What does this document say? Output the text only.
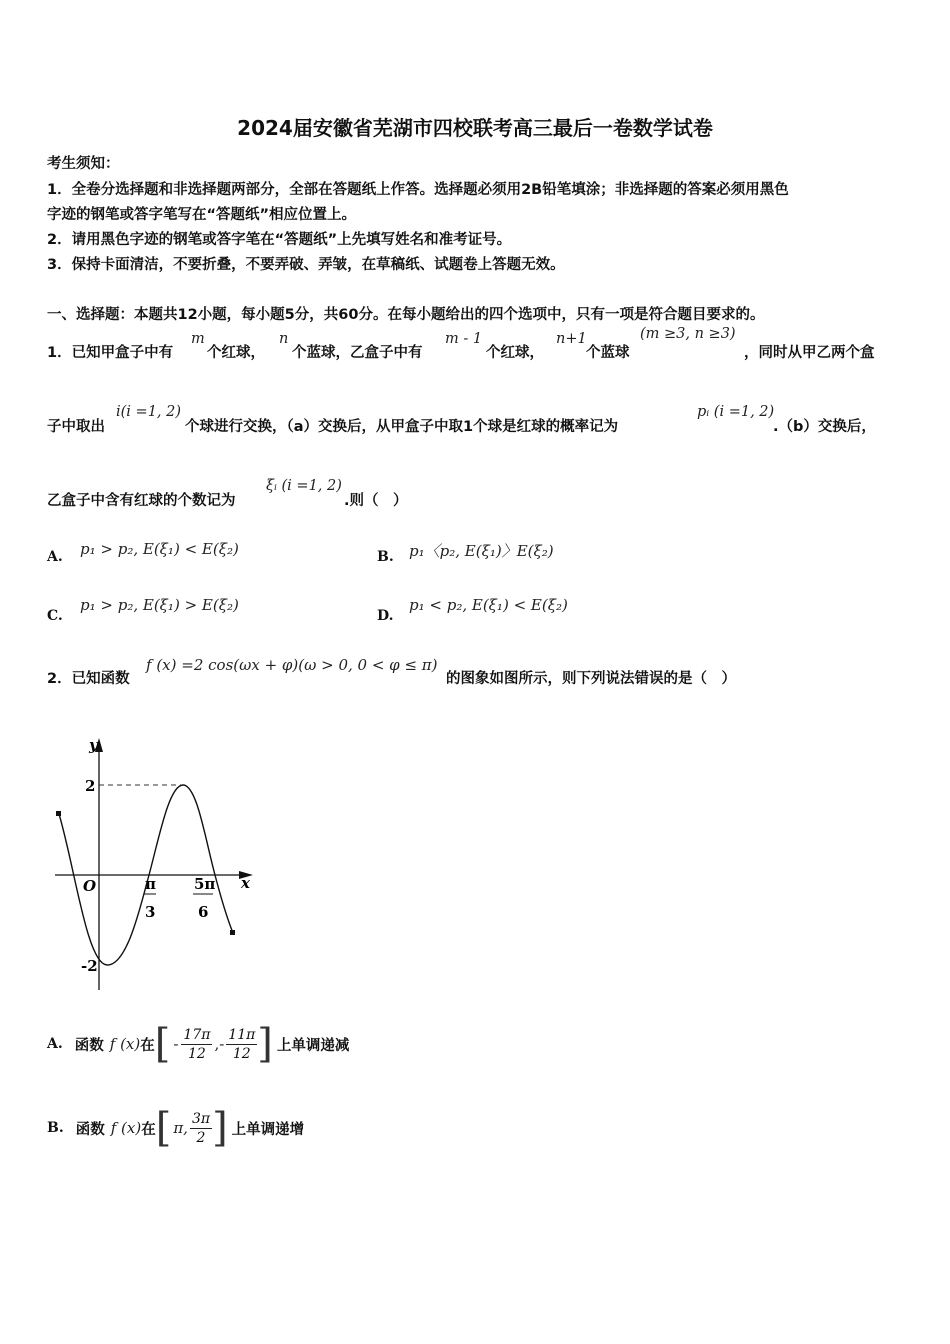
2024届安徽省芜湖市四校联考高三最后一卷数学试卷
考生须知：
1．全卷分选择题和非选择题两部分，全部在答题纸上作答。选择题必须用2B铅笔填涂；非选择题的答案必须用黑色
字迹的钢笔或答字笔写在“答题纸”相应位置上。
2．请用黑色字迹的钢笔或答字笔在“答题纸”上先填写姓名和准考证号。
3．保持卡面清洁，不要折叠，不要弄破、弄皱，在草稿纸、试题卷上答题无效。
一、选择题：本题共12小题，每小题5分，共60分。在每小题给出的四个选项中，只有一项是符合题目要求的。
1．已知甲盒子中有
m
个红球，
n
个蓝球，乙盒子中有
m - 1
个红球，
n+1
个蓝球
(m ≥3, n ≥3)
，同时从甲乙两个盒
子中取出
i(i =1, 2)
个球进行交换，（a）交换后，从甲盒子中取1个球是红球的概率记为
pᵢ (i =1, 2)
.（b）交换后，
乙盒子中含有红球的个数记为
ξᵢ (i =1, 2)
.则（　）
A. p₁ > p₂, E(ξ₁) < E(ξ₂)	B. p₁〈p₂, E(ξ₁)〉E(ξ₂)
C.
p₁ > p₂, E(ξ₁) > E(ξ₂)
D.
p₁ < p₂, E(ξ₁) < E(ξ₂)
2．已知函数
f (x) =2 cos(ωx + φ)(ω > 0, 0 < φ ≤ π)
的图象如图所示，则下列说法错误的是（　）
y
x
O
2
-2
π
3
5π
6
A. 函数 f (x) 在 [ - $\frac{17\pi}{12}$ ,- $\frac{11\pi}{12}$ ] 上单调递减
B. 函数 f (x) 在 [ π, $\frac{3\pi}{2}$ ] 上单调递增
